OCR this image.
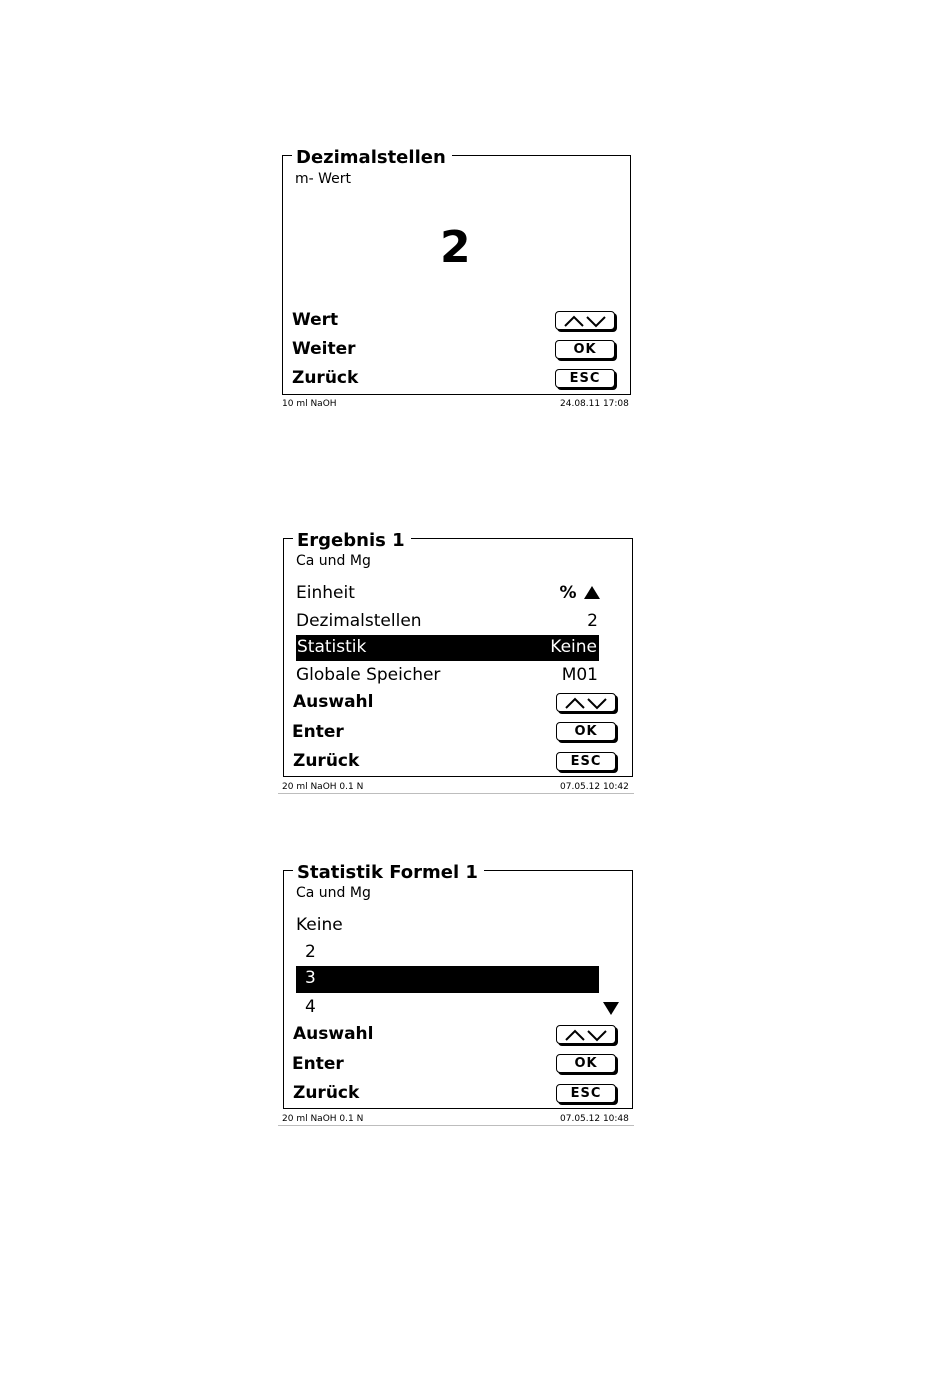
Dezimalstellen
m- Wert
2
Wert
Weiter	OK
Zurück	ESC
10 ml NaOH	24.08.11 17:08
Ergebnis 1
Ca und Mg
Einheit	%
Dezimalstellen	2
Statistik	Keine
Globale Speicher	M01
Auswahl
Enter	OK
Zurück	ESC
20 ml NaOH 0.1 N	07.05.12 10:42
Statistik Formel 1
Ca und Mg
Keine
2
3
4
Auswahl
Enter	OK
Zurück	ESC
20 ml NaOH 0.1 N	07.05.12 10:48
